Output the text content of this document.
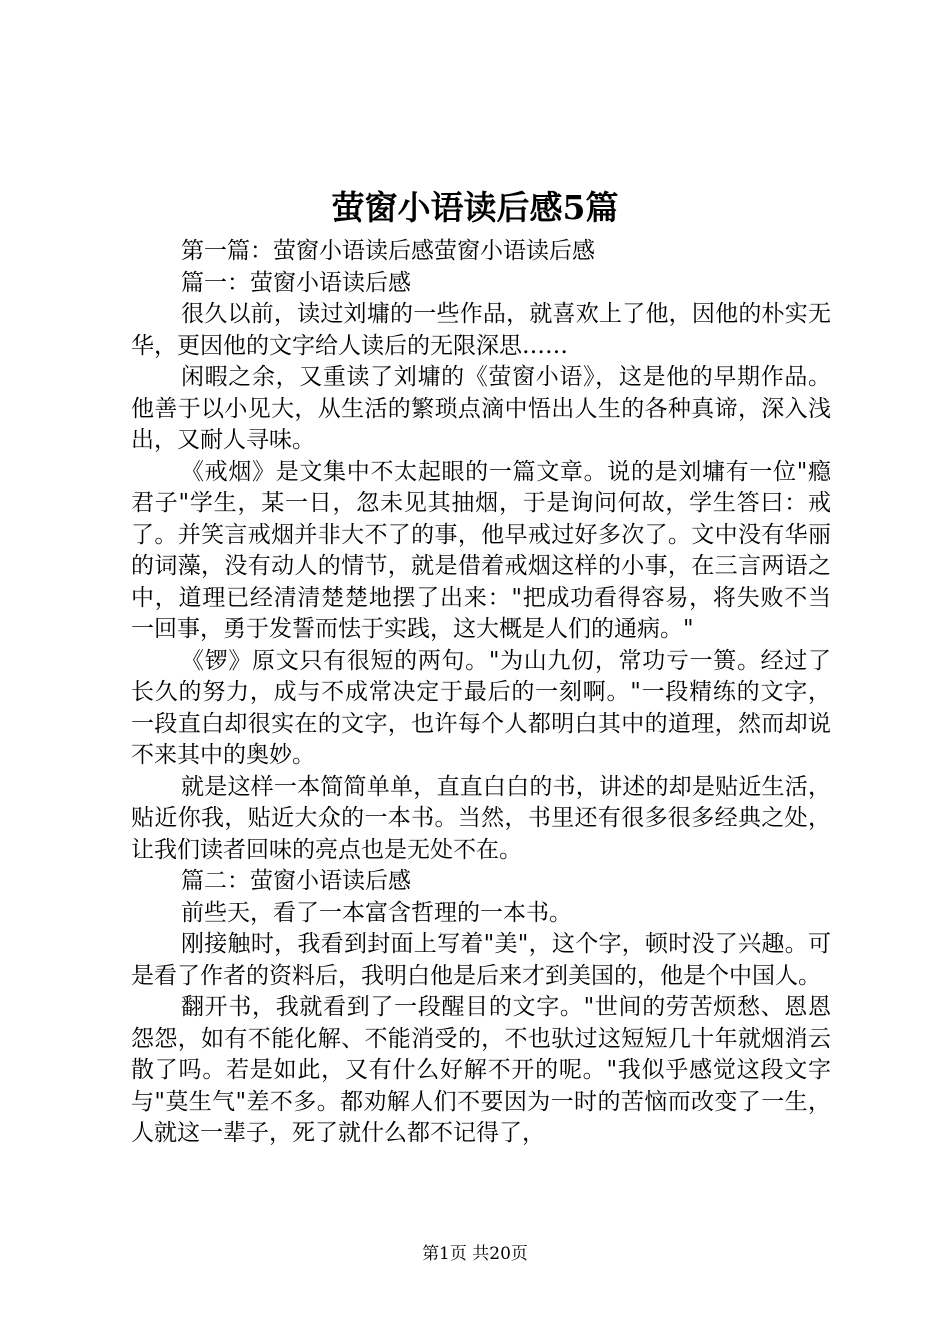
萤窗小语读后感5篇

第一篇：萤窗小语读后感萤窗小语读后感

篇一：萤窗小语读后感

很久以前，读过刘墉的一些作品，就喜欢上了他，因他的朴实无华，更因他的文字给人读后的无限深思……

闲暇之余，又重读了刘墉的《萤窗小语》，这是他的早期作品。他善于以小见大，从生活的繁琐点滴中悟出人生的各种真谛，深入浅出，又耐人寻味。

《戒烟》是文集中不太起眼的一篇文章。说的是刘墉有一位"瘾君子"学生，某一日，忽未见其抽烟，于是询问何故，学生答曰：戒了。并笑言戒烟并非大不了的事，他早戒过好多次了。文中没有华丽的词藻，没有动人的情节，就是借着戒烟这样的小事，在三言两语之中，道理已经清清楚楚地摆了出来："把成功看得容易，将失败不当一回事，勇于发誓而怯于实践，这大概是人们的通病。"

《锣》原文只有很短的两句。"为山九仞，常功亏一篑。经过了长久的努力，成与不成常决定于最后的一刻啊。"一段精练的文字，一段直白却很实在的文字，也许每个人都明白其中的道理，然而却说不来其中的奥妙。

就是这样一本简简单单，直直白白的书，讲述的却是贴近生活，贴近你我，贴近大众的一本书。当然，书里还有很多很多经典之处，让我们读者回味的亮点也是无处不在。

篇二：萤窗小语读后感

前些天，看了一本富含哲理的一本书。

刚接触时，我看到封面上写着"美"，这个字，顿时没了兴趣。可是看了作者的资料后，我明白他是后来才到美国的，他是个中国人。

翻开书，我就看到了一段醒目的文字。"世间的劳苦烦愁、恩恩怨怨，如有不能化解、不能消受的，不也驮过这短短几十年就烟消云散了吗。若是如此，又有什么好解不开的呢。"我似乎感觉这段文字与"莫生气"差不多。都劝解人们不要因为一时的苦恼而改变了一生，人就这一辈子，死了就什么都不记得了，

第1页 共20页
